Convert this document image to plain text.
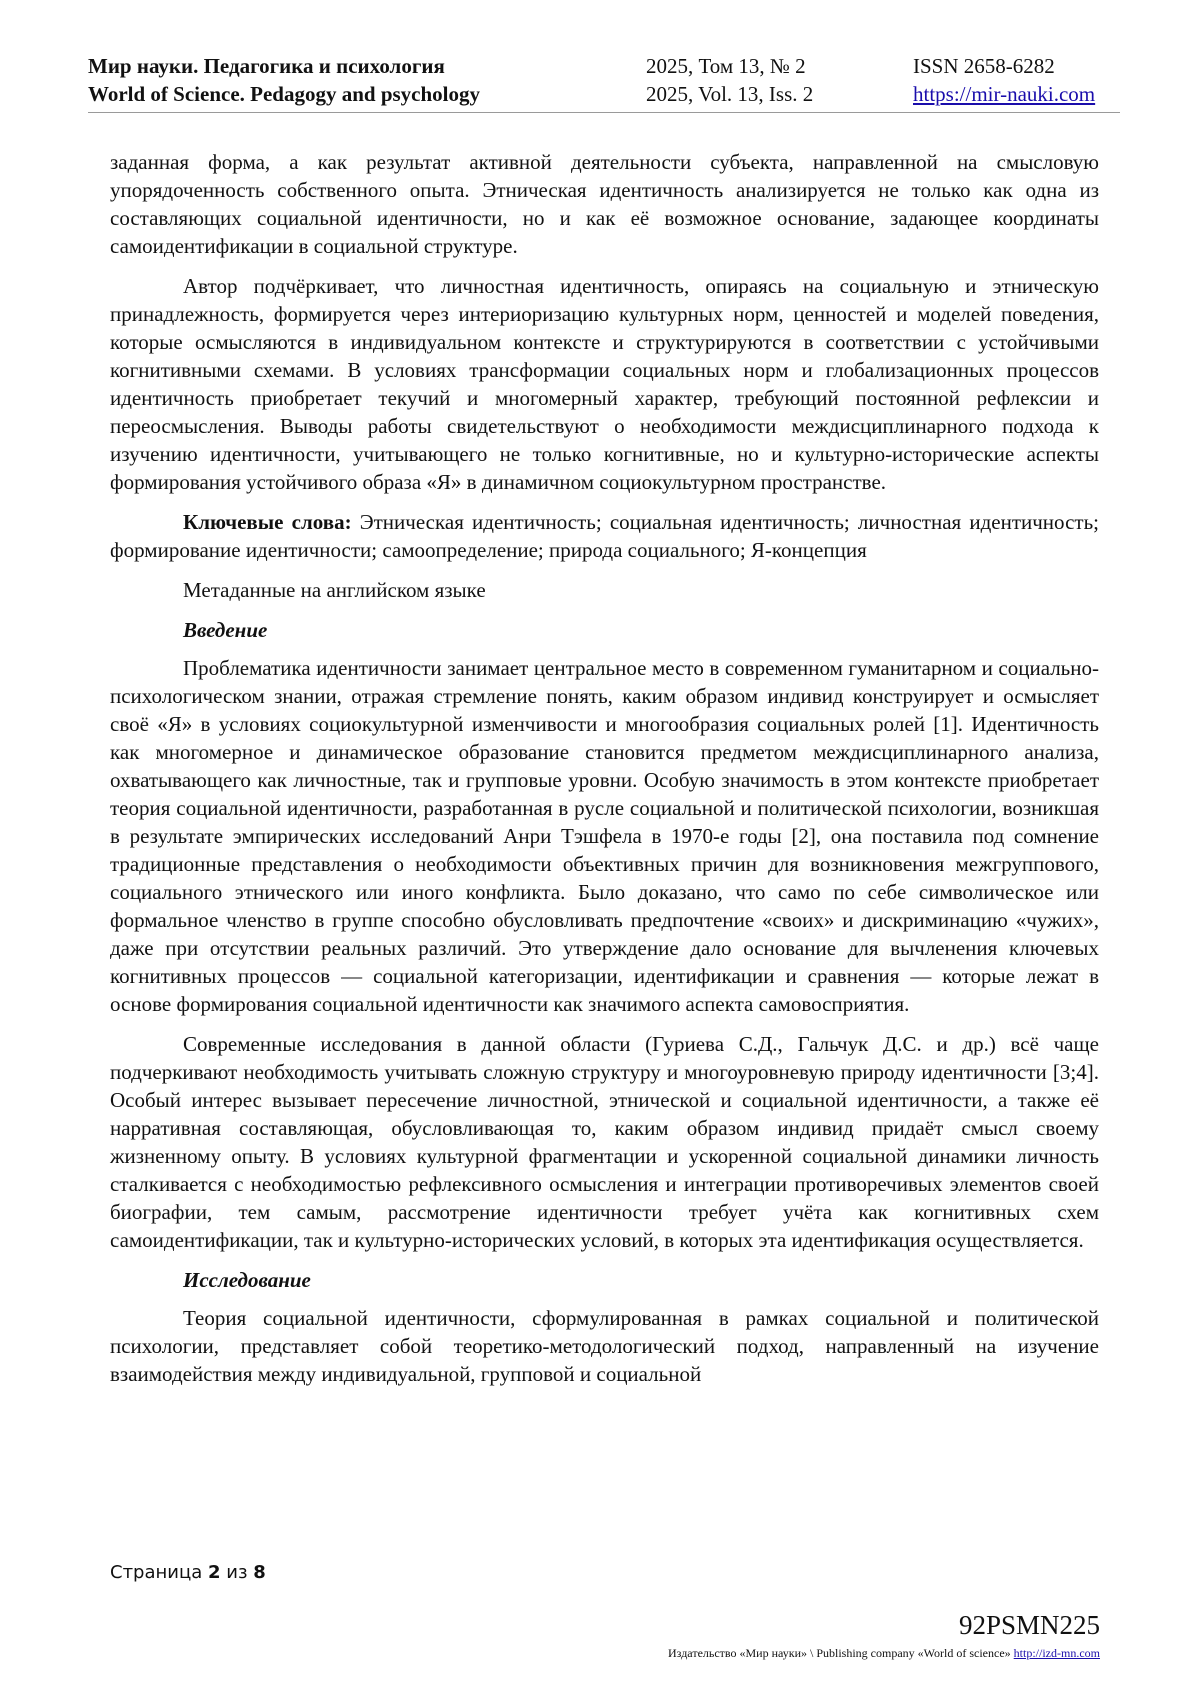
Мир науки. Педагогика и психология
World of Science. Pedagogy and psychology
2025, Том 13, № 2
2025, Vol. 13, Iss. 2
ISSN 2658-6282
https://mir-nauki.com

заданная форма, а как результат активной деятельности субъекта, направленной на смысловую упорядоченность собственного опыта. Этническая идентичность анализируется не только как одна из составляющих социальной идентичности, но и как её возможное основание, задающее координаты самоидентификации в социальной структуре.

Автор подчёркивает, что личностная идентичность, опираясь на социальную и этническую принадлежность, формируется через интериоризацию культурных норм, ценностей и моделей поведения, которые осмысляются в индивидуальном контексте и структурируются в соответствии с устойчивыми когнитивными схемами. В условиях трансформации социальных норм и глобализационных процессов идентичность приобретает текучий и многомерный характер, требующий постоянной рефлексии и переосмысления. Выводы работы свидетельствуют о необходимости междисциплинарного подхода к изучению идентичности, учитывающего не только когнитивные, но и культурно-исторические аспекты формирования устойчивого образа «Я» в динамичном социокультурном пространстве.

Ключевые слова: Этническая идентичность; социальная идентичность; личностная идентичность; формирование идентичности; самоопределение; природа социального; Я-концепция

Метаданные на английском языке

Введение

Проблематика идентичности занимает центральное место в современном гуманитарном и социально-психологическом знании, отражая стремление понять, каким образом индивид конструирует и осмысляет своё «Я» в условиях социокультурной изменчивости и многообразия социальных ролей [1]. Идентичность как многомерное и динамическое образование становится предметом междисциплинарного анализа, охватывающего как личностные, так и групповые уровни. Особую значимость в этом контексте приобретает теория социальной идентичности, разработанная в русле социальной и политической психологии, возникшая в результате эмпирических исследований Анри Тэшфела в 1970-е годы [2], она поставила под сомнение традиционные представления о необходимости объективных причин для возникновения межгруппового, социального этнического или иного конфликта. Было доказано, что само по себе символическое или формальное членство в группе способно обусловливать предпочтение «своих» и дискриминацию «чужих», даже при отсутствии реальных различий. Это утверждение дало основание для вычленения ключевых когнитивных процессов — социальной категоризации, идентификации и сравнения — которые лежат в основе формирования социальной идентичности как значимого аспекта самовосприятия.

Современные исследования в данной области (Гуриева С.Д., Гальчук Д.С. и др.) всё чаще подчеркивают необходимость учитывать сложную структуру и многоуровневую природу идентичности [3;4]. Особый интерес вызывает пересечение личностной, этнической и социальной идентичности, а также её нарративная составляющая, обусловливающая то, каким образом индивид придаёт смысл своему жизненному опыту. В условиях культурной фрагментации и ускоренной социальной динамики личность сталкивается с необходимостью рефлексивного осмысления и интеграции противоречивых элементов своей биографии, тем самым, рассмотрение идентичности требует учёта как когнитивных схем самоидентификации, так и культурно-исторических условий, в которых эта идентификация осуществляется.

Исследование

Теория социальной идентичности, сформулированная в рамках социальной и политической психологии, представляет собой теоретико-методологический подход, направленный на изучение взаимодействия между индивидуальной, групповой и социальной

Страница 2 из 8
92PSMN225
Издательство «Мир науки» \ Publishing company «World of science» http://izd-mn.com
